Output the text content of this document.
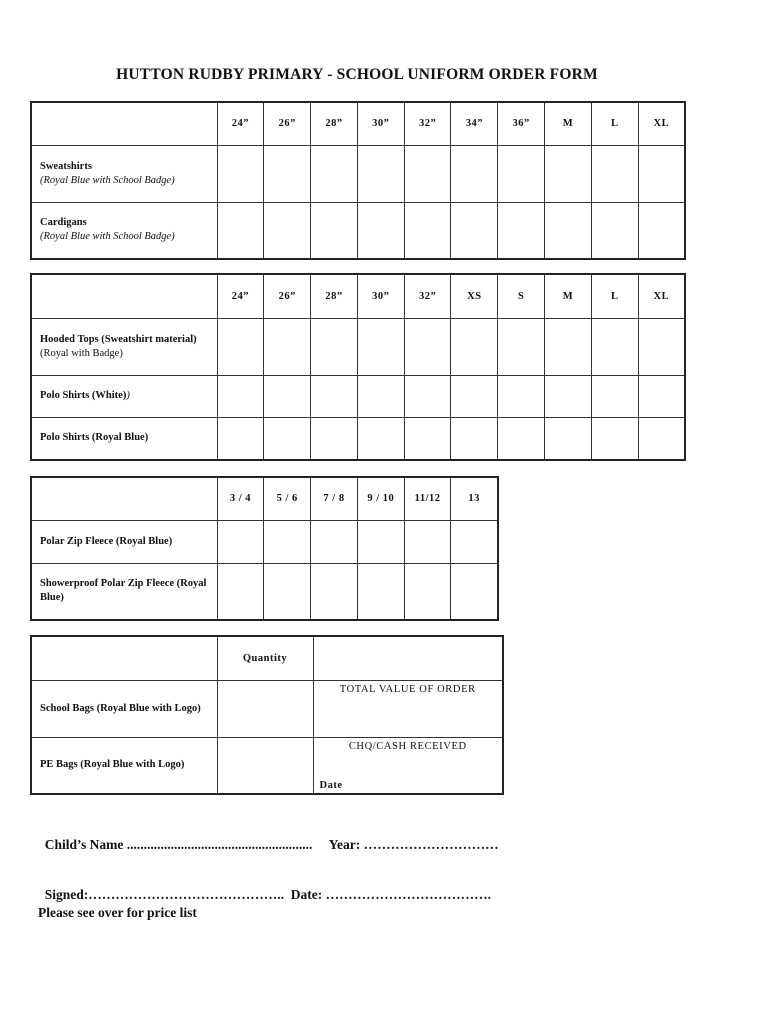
HUTTON RUDBY PRIMARY - SCHOOL UNIFORM ORDER FORM
	24”	26”	28”	30”	32”	34”	36”	M	L	XL
Sweatshirts
(Royal Blue with School Badge)										
Cardigans
(Royal Blue with School Badge)										
	24”	26”	28”	30”	32”	XS	S	M	L	XL
Hooded Tops (Sweatshirt material) (Royal with Badge)										
Polo Shirts (White))										
Polo Shirts (Royal Blue)										
	3 / 4	5 / 6	7 / 8	9 / 10	11/12	13
Polar Zip Fleece (Royal Blue)						
Showerproof Polar Zip Fleece (Royal Blue)						
	Quantity	
School Bags (Royal Blue with Logo)		TOTAL VALUE OF ORDER

PE Bags (Royal Blue with Logo)		CHQ/CASH RECEIVED
Date

Child’s Name ....................................................... Year: …………………………

Signed:…………………………………….. Date: ……………………………….

Please see over for price list
